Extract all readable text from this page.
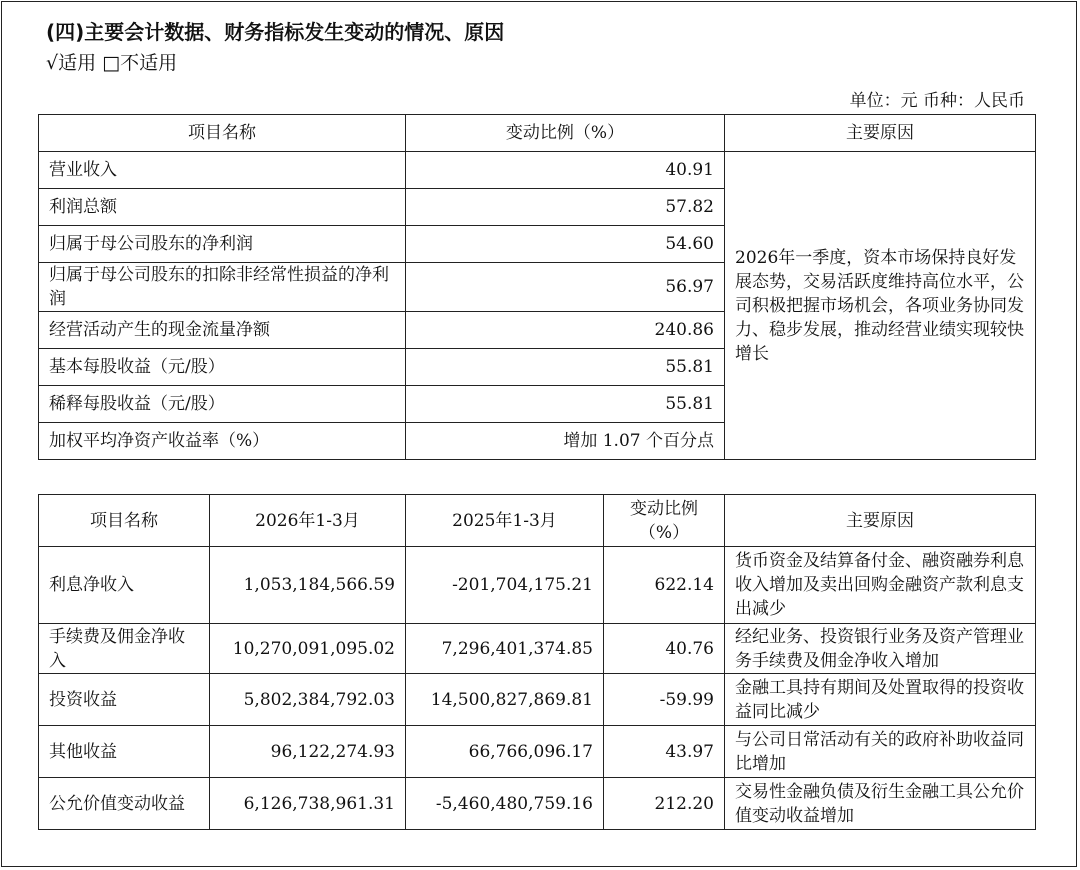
(四)主要会计数据、财务指标发生变动的情况、原因
√适用 □不适用
单位：元 币种：人民币
项目名称	变动比例（%）	主要原因
营业收入	40.91	2026年一季度，资本市场保持良好发展态势，交易活跃度维持高位水平，公司积极把握市场机会，各项业务协同发力、稳步发展，推动经营业绩实现较快增长
利润总额	57.82	
归属于母公司股东的净利润	54.60	
归属于母公司股东的扣除非经常性损益的净利润	56.97	
经营活动产生的现金流量净额	240.86	
基本每股收益（元/股）	55.81	
稀释每股收益（元/股）	55.81	
加权平均净资产收益率（%）	增加 1.07 个百分点	
项目名称	2026年1-3月	2025年1-3月	变动比例（%）	主要原因
利息净收入	1,053,184,566.59	-201,704,175.21	622.14	货币资金及结算备付金、融资融券利息收入增加及卖出回购金融资产款利息支出减少
手续费及佣金净收入	10,270,091,095.02	7,296,401,374.85	40.76	经纪业务、投资银行业务及资产管理业务手续费及佣金净收入增加
投资收益	5,802,384,792.03	14,500,827,869.81	-59.99	金融工具持有期间及处置取得的投资收益同比减少
其他收益	96,122,274.93	66,766,096.17	43.97	与公司日常活动有关的政府补助收益同比增加
公允价值变动收益	6,126,738,961.31	-5,460,480,759.16	212.20	交易性金融负债及衍生金融工具公允价值变动收益增加
